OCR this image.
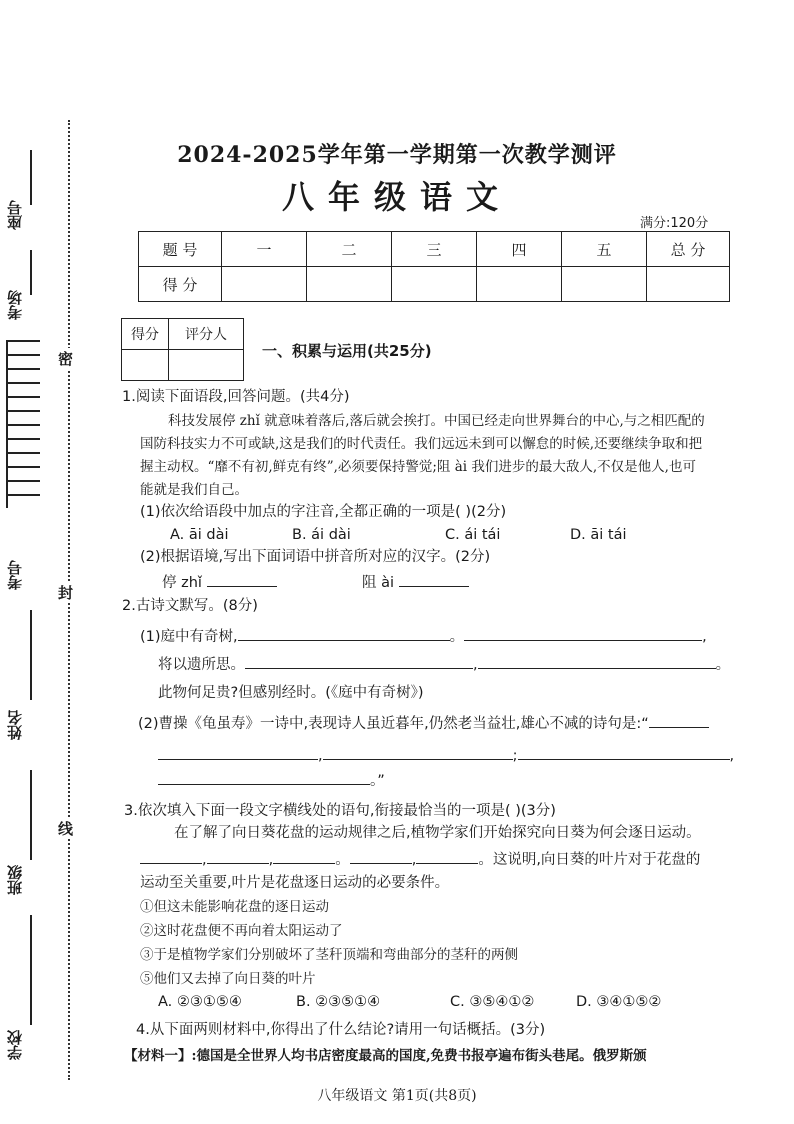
座号
考场
考号
姓名
班级
学校
密
封
线
2024-2025学年第一学期第一次教学测评
八年级语文
满分:120分
题 号	一	二	三	四	五	总 分
得 分						
得分	评分人

一、积累与运用(共25分)
1.阅读下面语段,回答问题。(共4分)
科技发展停 zhǐ 就意味着落后,落后就会挨打。中国已经走向世界舞台的中心,与之相匹配的国防科技实力不可或缺,这是我们的时代责任。我们远远未到可以懈怠的时候,还要继续争取和把握主动权。“靡不有初,鲜克有终”,必须要保持警觉;阻 ài 我们进步的最大敌人,不仅是他人,也可能就是我们自己。
(1)依次给语段中加点的字注音,全都正确的一项是( )(2分)
A. āi dài	B. ái dài	C. ái tái	D. āi tái
(2)根据语境,写出下面词语中拼音所对应的汉字。(2分)
停 zhǐ	阻 ài
2.古诗文默写。(8分)
(1)庭中有奇树,	。	,
将以遗所思。	,	。
此物何足贵?但感别经时。(《庭中有奇树》)
(2)曹操《龟虽寿》一诗中,表现诗人虽近暮年,仍然老当益壮,雄心不减的诗句是:“
,	;	,
。”
3.依次填入下面一段文字横线处的语句,衔接最恰当的一项是( )(3分)
在了解了向日葵花盘的运动规律之后,植物学家们开始探究向日葵为何会逐日运动。
,	,	。	,	。这说明,向日葵的叶片对于花盘的
运动至关重要,叶片是花盘逐日运动的必要条件。
①但这未能影响花盘的逐日运动
②这时花盘便不再向着太阳运动了
③于是植物学家们分别破坏了茎秆顶端和弯曲部分的茎秆的两侧
⑤他们又去掉了向日葵的叶片
A. ②③①⑤④	B. ②③⑤①④	C. ③⑤④①②	D. ③④①⑤②
4.从下面两则材料中,你得出了什么结论?请用一句话概括。(3分)
【材料一】:德国是全世界人均书店密度最高的国度,免费书报亭遍布街头巷尾。俄罗斯颁
八年级语文 第1页(共8页)
